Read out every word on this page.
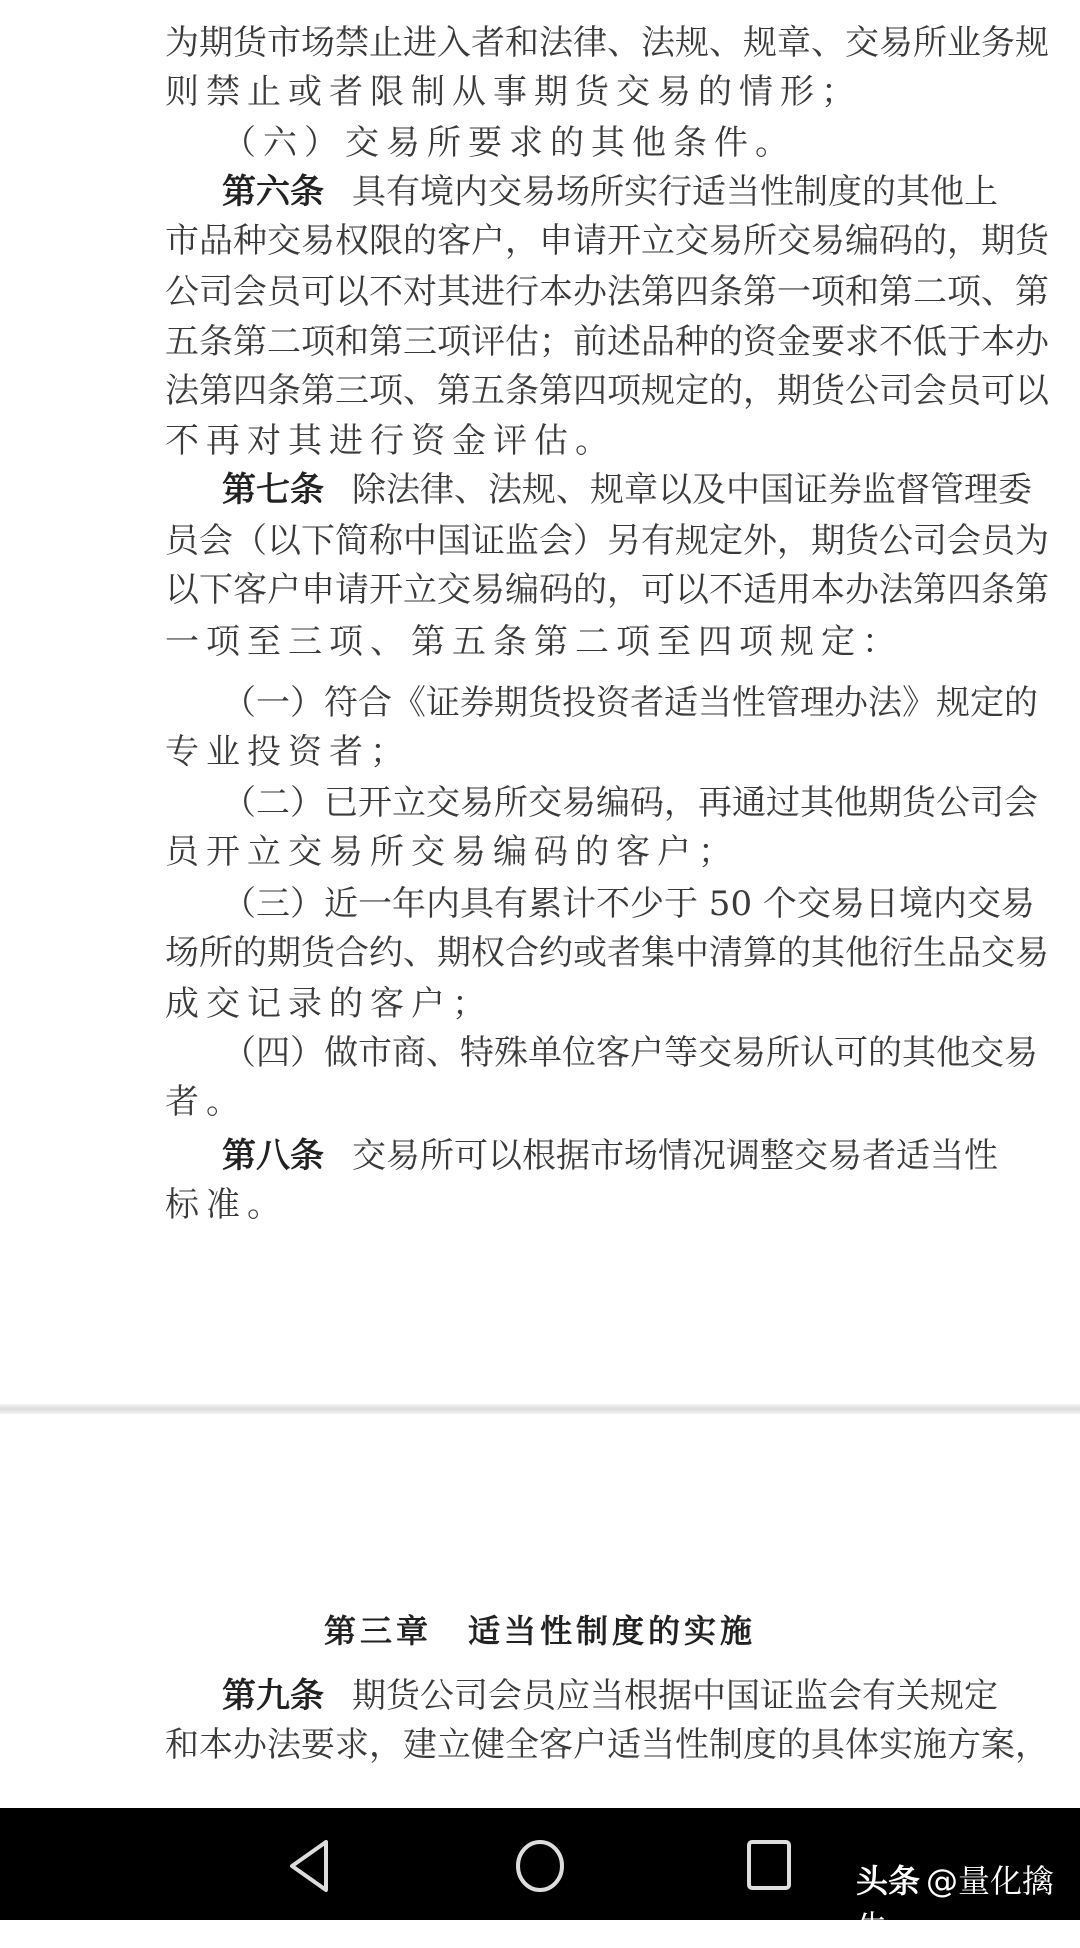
为期货市场禁止进入者和法律、法规、规章、交易所业务规
则禁止或者限制从事期货交易的情形；
（六）交易所要求的其他条件。
第六条 具有境内交易场所实行适当性制度的其他上
市品种交易权限的客户，申请开立交易所交易编码的，期货
公司会员可以不对其进行本办法第四条第一项和第二项、第
五条第二项和第三项评估；前述品种的资金要求不低于本办
法第四条第三项、第五条第四项规定的，期货公司会员可以
不再对其进行资金评估。
第七条 除法律、法规、规章以及中国证券监督管理委
员会（以下简称中国证监会）另有规定外，期货公司会员为
以下客户申请开立交易编码的，可以不适用本办法第四条第
一项至三项、第五条第二项至四项规定：
（一）符合《证券期货投资者适当性管理办法》规定的
专业投资者；
（二）已开立交易所交易编码，再通过其他期货公司会
员开立交易所交易编码的客户；
（三）近一年内具有累计不少于 50 个交易日境内交易
场所的期货合约、期权合约或者集中清算的其他衍生品交易
成交记录的客户；
（四）做市商、特殊单位客户等交易所认可的其他交易
者。
第八条 交易所可以根据市场情况调整交易者适当性
标准。
第三章　适当性制度的实施
第九条 期货公司会员应当根据中国证监会有关规定
和本办法要求，建立健全客户适当性制度的具体实施方案，
头条 @量化擒牛
